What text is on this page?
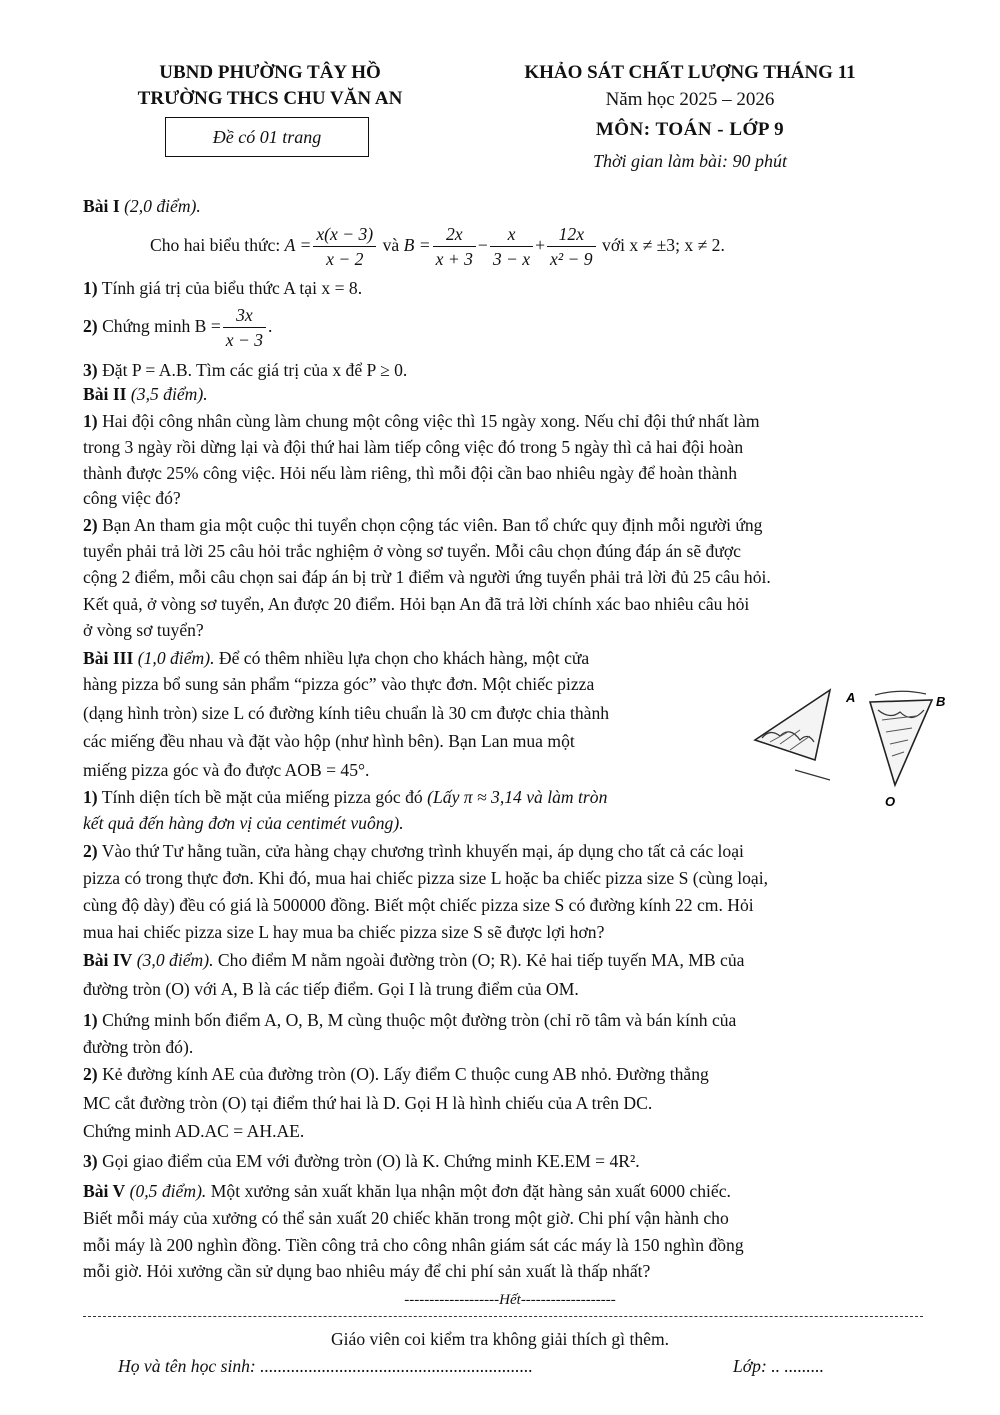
UBND PHƯỜNG TÂY HỒ
TRƯỜNG THCS CHU VĂN AN
Đề có 01 trang
KHẢO SÁT CHẤT LƯỢNG THÁNG 11
Năm học 2025 – 2026
MÔN: TOÁN - LỚP 9
Thời gian làm bài: 90 phút
Bài I (2,0 điểm).
Cho hai biểu thức: $A = \frac{x(x - 3)}{x - 2}$ và $B = \frac{2x}{x + 3} - \frac{x}{3 - x} + \frac{12x}{\text{x² − 9}}$ với x ≠ ±3; x ≠ 2.
1) Tính giá trị của biểu thức A tại x = 8.
2) Chứng minh $B = \frac{3x}{x - 3}$ .
3) Đặt P = A.B. Tìm các giá trị của x để P ≥ 0.
Bài II (3,5 điểm).
1) Hai đội công nhân cùng làm chung một công việc thì 15 ngày xong. Nếu chỉ đội thứ nhất làm
trong 3 ngày rồi dừng lại và đội thứ hai làm tiếp công việc đó trong 5 ngày thì cả hai đội hoàn
thành được 25% công việc. Hỏi nếu làm riêng, thì mỗi đội cần bao nhiêu ngày để hoàn thành
công việc đó?
2) Bạn An tham gia một cuộc thi tuyển chọn cộng tác viên. Ban tổ chức quy định mỗi người ứng
tuyển phải trả lời 25 câu hỏi trắc nghiệm ở vòng sơ tuyển. Mỗi câu chọn đúng đáp án sẽ được
cộng 2 điểm, mỗi câu chọn sai đáp án bị trừ 1 điểm và người ứng tuyển phải trả lời đủ 25 câu hỏi.
Kết quả, ở vòng sơ tuyển, An được 20 điểm. Hỏi bạn An đã trả lời chính xác bao nhiêu câu hỏi
ở vòng sơ tuyển?
Bài III (1,0 điểm). Để có thêm nhiều lựa chọn cho khách hàng, một cửa
hàng pizza bổ sung sản phẩm “pizza góc” vào thực đơn. Một chiếc pizza
(dạng hình tròn) size L có đường kính tiêu chuẩn là 30 cm được chia thành
các miếng đều nhau và đặt vào hộp (như hình bên). Bạn Lan mua một
miếng pizza góc và đo được AOB = 45°.
1) Tính diện tích bề mặt của miếng pizza góc đó (Lấy π ≈ 3,14 và làm tròn
kết quả đến hàng đơn vị của centimét vuông).
2) Vào thứ Tư hằng tuần, cửa hàng chạy chương trình khuyến mại, áp dụng cho tất cả các loại
pizza có trong thực đơn. Khi đó, mua hai chiếc pizza size L hoặc ba chiếc pizza size S (cùng loại,
cùng độ dày) đều có giá là 500000 đồng. Biết một chiếc pizza size S có đường kính 22 cm. Hỏi
mua hai chiếc pizza size L hay mua ba chiếc pizza size S sẽ được lợi hơn?
A	B
O
Bài IV (3,0 điểm). Cho điểm M nằm ngoài đường tròn (O; R). Kẻ hai tiếp tuyến MA, MB của
đường tròn (O) với A, B là các tiếp điểm. Gọi I là trung điểm của OM.
1) Chứng minh bốn điểm A, O, B, M cùng thuộc một đường tròn (chỉ rõ tâm và bán kính của
đường tròn đó).
2) Kẻ đường kính AE của đường tròn (O). Lấy điểm C thuộc cung AB nhỏ. Đường thẳng
MC cắt đường tròn (O) tại điểm thứ hai là D. Gọi H là hình chiếu của A trên DC.
Chứng minh AD.AC = AH.AE.
3) Gọi giao điểm của EM với đường tròn (O) là K. Chứng minh KE.EM = 4R².
Bài V (0,5 điểm). Một xưởng sản xuất khăn lụa nhận một đơn đặt hàng sản xuất 6000 chiếc.
Biết mỗi máy của xưởng có thể sản xuất 20 chiếc khăn trong một giờ. Chi phí vận hành cho
mỗi máy là 200 nghìn đồng. Tiền công trả cho công nhân giám sát các máy là 150 nghìn đồng
mỗi giờ. Hỏi xưởng cần sử dụng bao nhiêu máy để chi phí sản xuất là thấp nhất?
-------------------Hết-------------------
Giáo viên coi kiểm tra không giải thích gì thêm.
Họ và tên học sinh: ..............................................................	Lớp: .. .........
